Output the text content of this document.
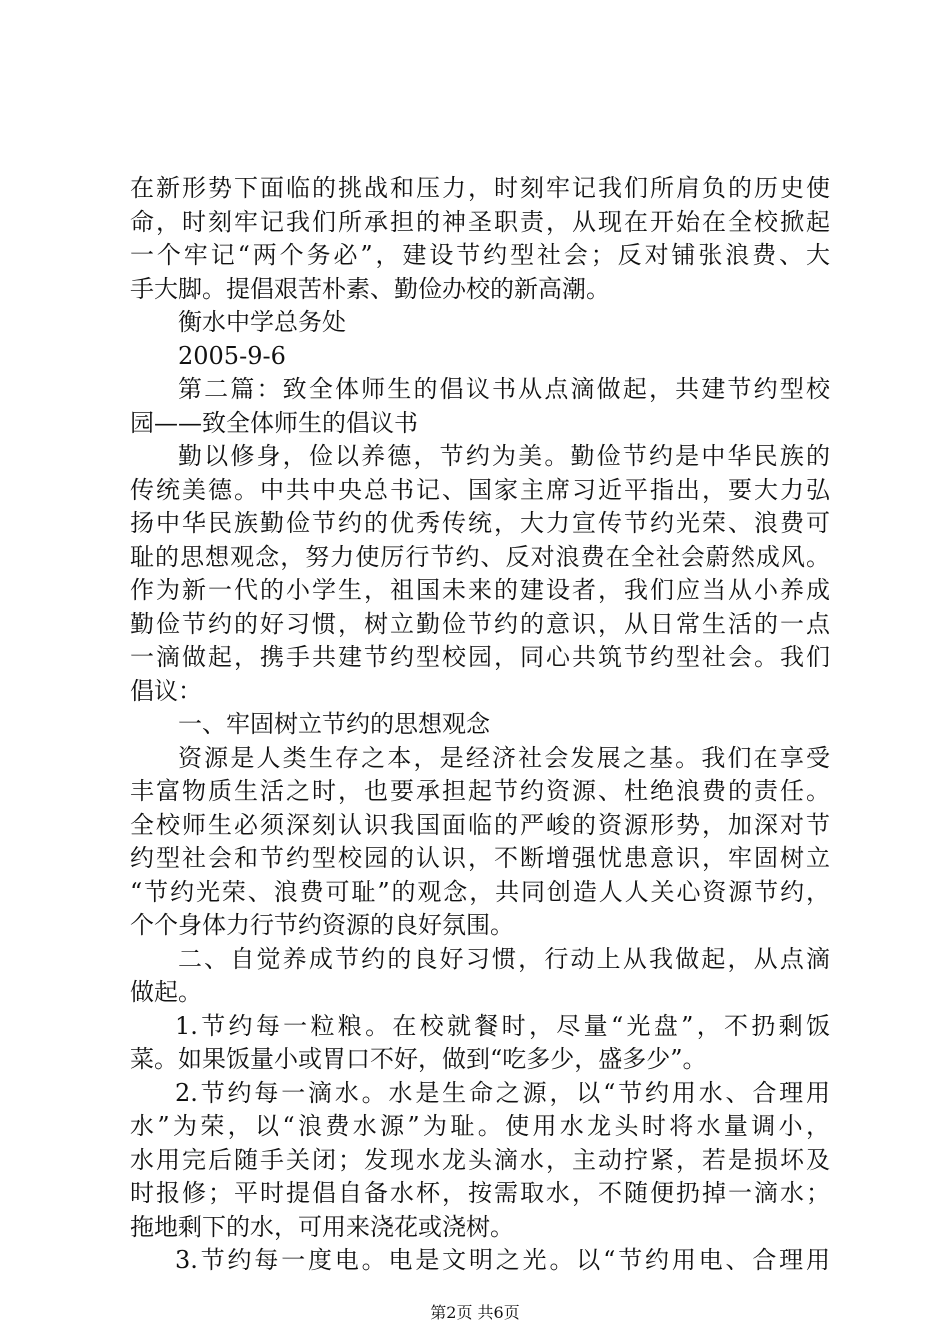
在新形势下面临的挑战和压力，时刻牢记我们所肩负的历史使
命，时刻牢记我们所承担的神圣职责，从现在开始在全校掀起
一个牢记“两个务必”，建设节约型社会；反对铺张浪费、大
手大脚。提倡艰苦朴素、勤俭办校的新高潮。
衡水中学总务处
2005-9-6
第二篇：致全体师生的倡议书从点滴做起，共建节约型校
园——致全体师生的倡议书
勤以修身，俭以养德，节约为美。勤俭节约是中华民族的
传统美德。中共中央总书记、国家主席习近平指出，要大力弘
扬中华民族勤俭节约的优秀传统，大力宣传节约光荣、浪费可
耻的思想观念，努力使厉行节约、反对浪费在全社会蔚然成风。
作为新一代的小学生，祖国未来的建设者，我们应当从小养成
勤俭节约的好习惯，树立勤俭节约的意识，从日常生活的一点
一滴做起，携手共建节约型校园，同心共筑节约型社会。我们
倡议：
一、牢固树立节约的思想观念
资源是人类生存之本，是经济社会发展之基。我们在享受
丰富物质生活之时，也要承担起节约资源、杜绝浪费的责任。
全校师生必须深刻认识我国面临的严峻的资源形势，加深对节
约型社会和节约型校园的认识，不断增强忧患意识，牢固树立
“节约光荣、浪费可耻”的观念，共同创造人人关心资源节约，
个个身体力行节约资源的良好氛围。
二、自觉养成节约的良好习惯，行动上从我做起，从点滴
做起。
1.节约每一粒粮。在校就餐时，尽量“光盘”，不扔剩饭
菜。如果饭量小或胃口不好，做到“吃多少，盛多少”。
2.节约每一滴水。水是生命之源，以“节约用水、合理用
水”为荣，以“浪费水源”为耻。使用水龙头时将水量调小，
水用完后随手关闭；发现水龙头滴水，主动拧紧，若是损坏及
时报修；平时提倡自备水杯，按需取水，不随便扔掉一滴水；
拖地剩下的水，可用来浇花或浇树。
3.节约每一度电。电是文明之光。以“节约用电、合理用
第2页 共6页
